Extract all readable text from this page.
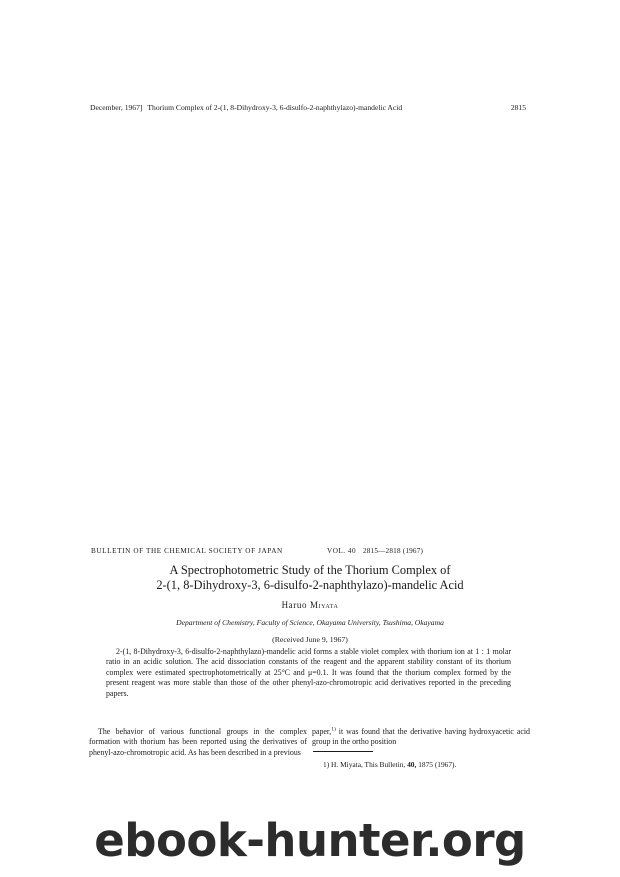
December, 1967] Thorium Complex of 2-(1, 8-Dihydroxy-3, 6-disulfo-2-naphthylazo)-mandelic Acid	2815
BULLETIN OF THE CHEMICAL SOCIETY OF JAPAN	VOL. 40 2815—2818 (1967)
A Spectrophotometric Study of the Thorium Complex of
2-(1, 8-Dihydroxy-3, 6-disulfo-2-naphthylazo)-mandelic Acid
Haruo Miyata
Department of Chemistry, Faculty of Science, Okayama University, Tsushima, Okayama
(Received June 9, 1967)

2-(1, 8-Dihydroxy-3, 6-disulfo-2-naphthylazo)-mandelic acid forms a stable violet complex with thorium ion at 1 : 1 molar ratio in an acidic solution. The acid dissociation constants of the reagent and the apparent stability constant of its thorium complex were estimated spectrophotometrically at 25°C and μ=0.1. It was found that the thorium complex formed by the present reagent was more stable than those of the other phenyl-azo-chromotropic acid derivatives reported in the preceding papers.

The behavior of various functional groups in the complex formation with thorium has been reported using the derivatives of phenyl-azo-chromotropic acid. As has been described in a previous

paper,$^{1)}$ it was found that the derivative having hydroxyacetic acid group in the ortho position

1) H. Miyata, This Bulletin, 40, 1875 (1967).
ebook-hunter.org
